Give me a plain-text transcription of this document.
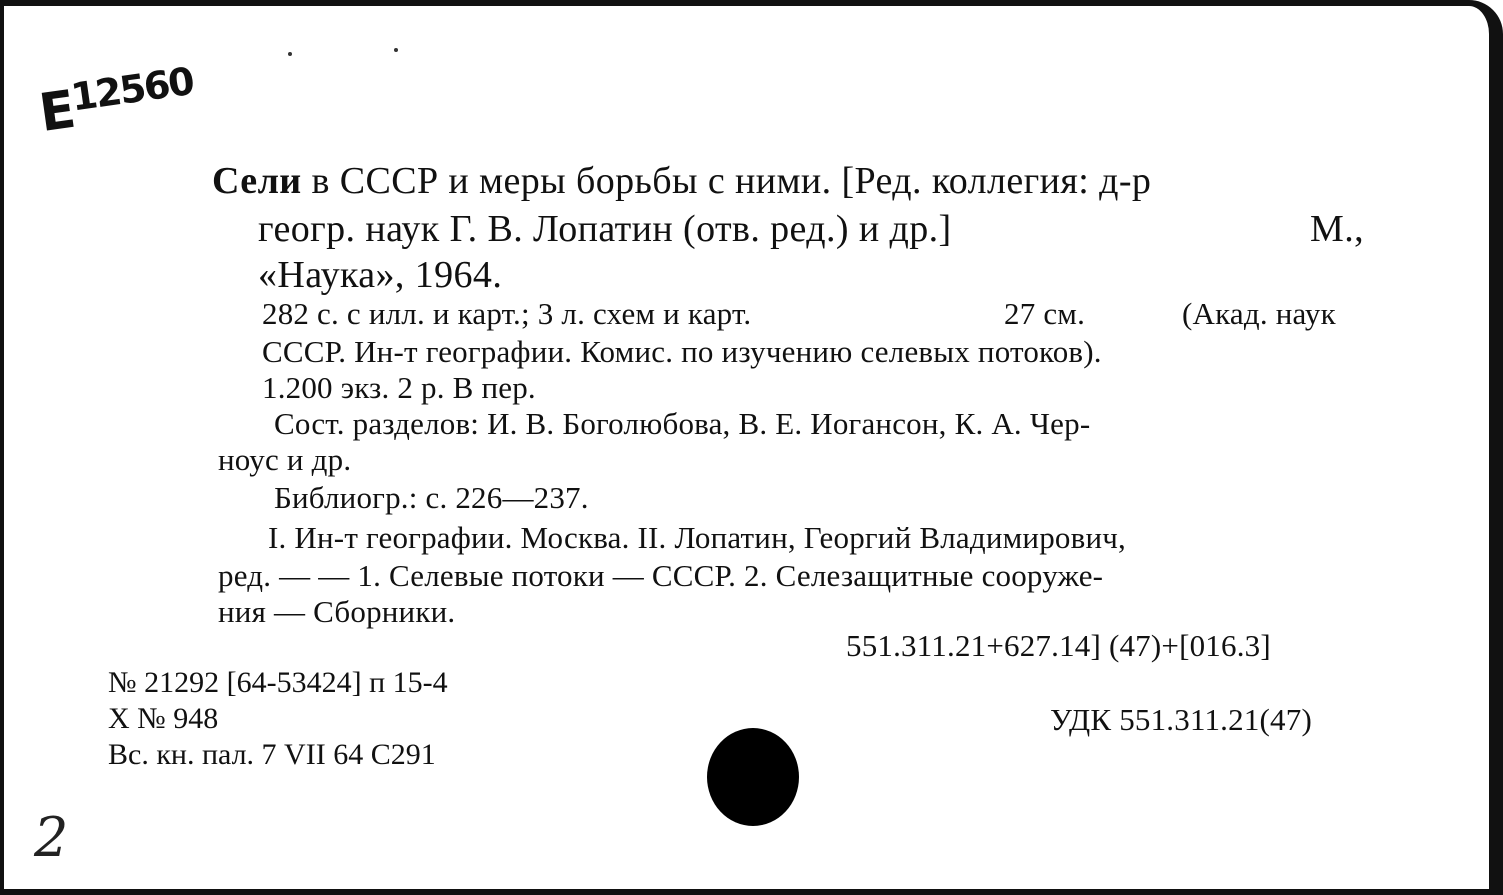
$E^{12560}$
Сели в СССР и меры борьбы с ними. [Ред. коллегия: д-р
геогр. наук Г. В. Лопатин (отв. ред.) и др.]	М.,
«Наука», 1964.
282 с. с илл. и карт.; 3 л. схем и карт.	27 см.	(Акад. наук
СССР. Ин-т географии. Комис. по изучению селевых потоков).
1.200 экз. 2 р. В пер.
Сост. разделов: И. В. Боголюбова, В. Е. Иогансон, К. А. Чер-
ноус и др.
Библиогр.: с. 226—237.
I. Ин-т географии. Москва. II. Лопатин, Георгий Владимирович,
ред. — — 1. Селевые потоки — СССР. 2. Селезащитные сооруже-
ния — Сборники.
551.311.21+627.14] (47)+[016.3]
№ 21292 [64-53424] п 15-4
Х № 948
Вс. кн. пал. 7 VII 64 С291
УДК 551.311.21(47)
2
